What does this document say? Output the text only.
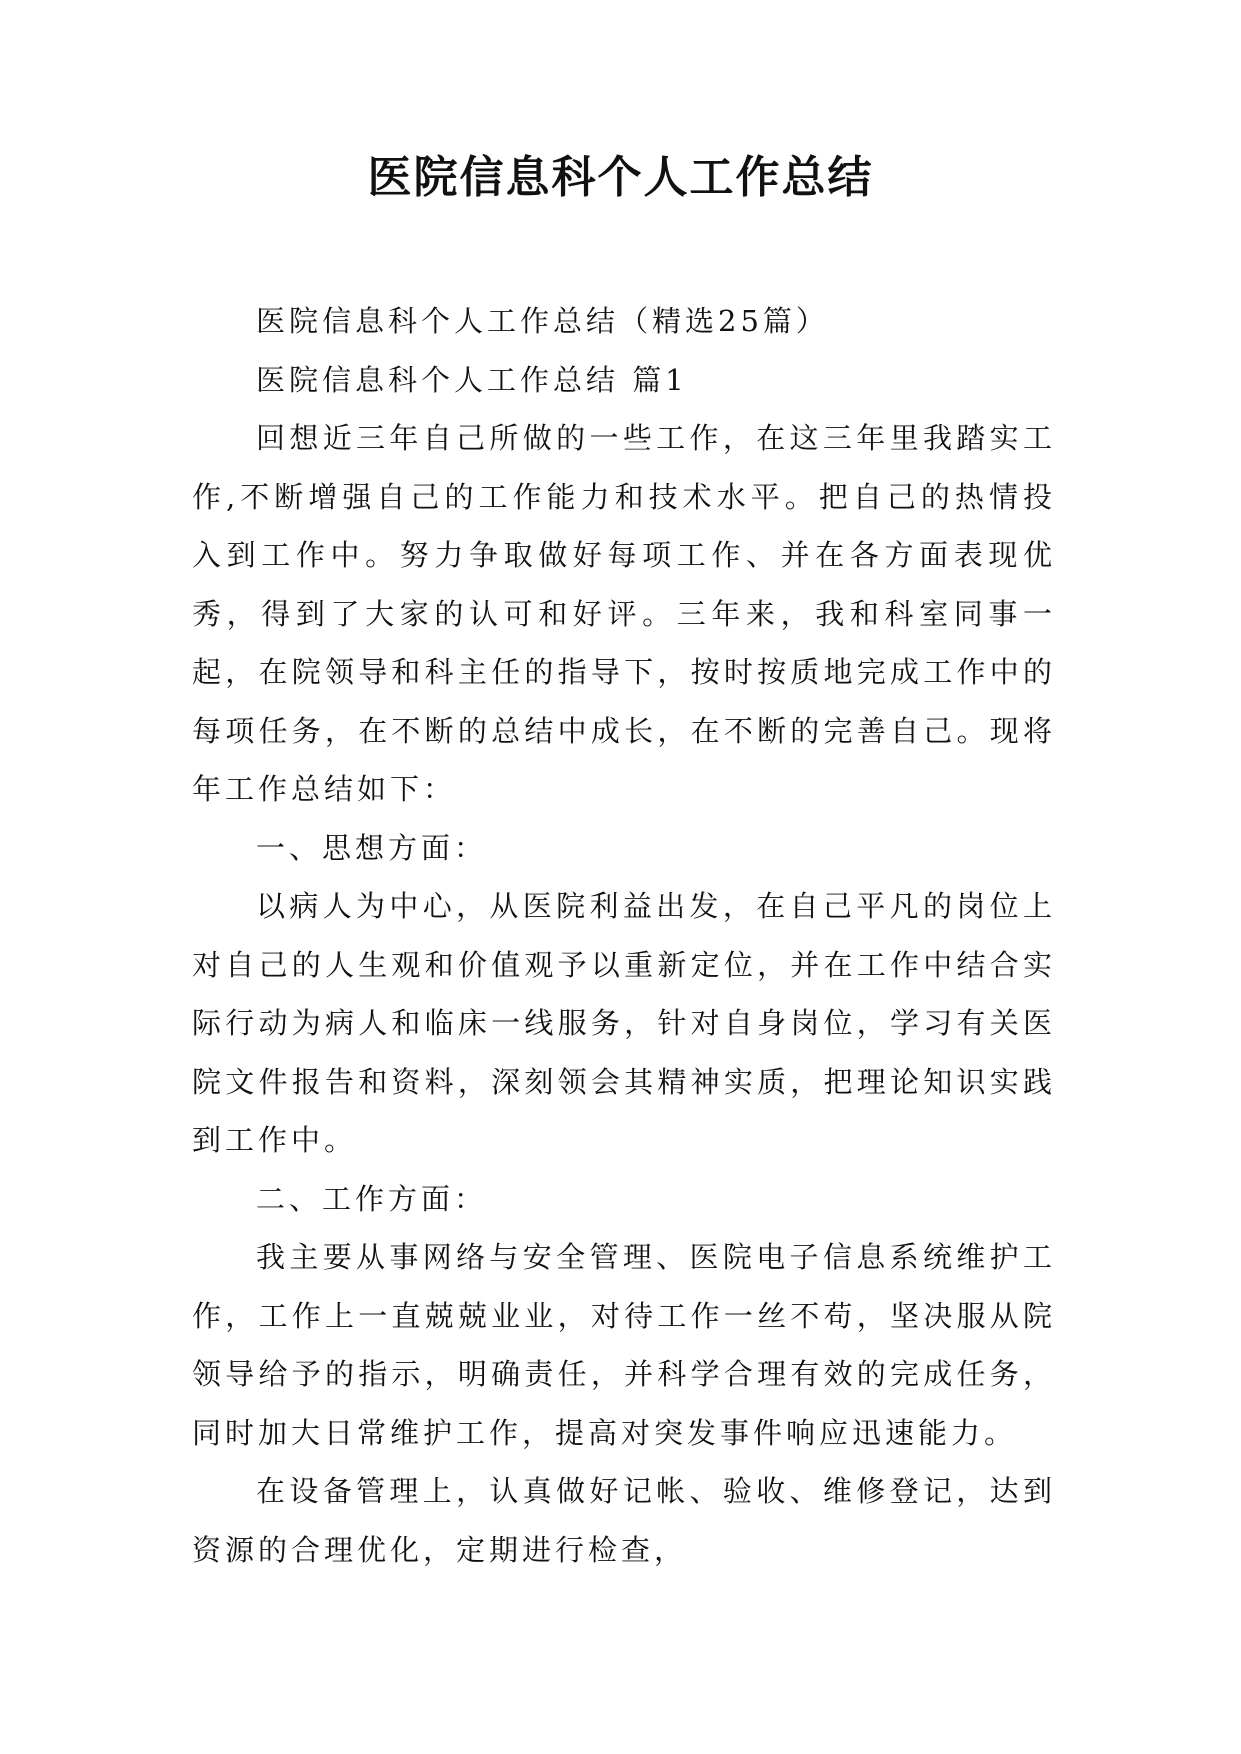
医院信息科个人工作总结

医院信息科个人工作总结（精选25篇）

医院信息科个人工作总结 篇1

回想近三年自己所做的一些工作，在这三年里我踏实工作,不断增强自己的工作能力和技术水平。把自己的热情投入到工作中。努力争取做好每项工作、并在各方面表现优秀，得到了大家的认可和好评。三年来，我和科室同事一起，在院领导和科主任的指导下，按时按质地完成工作中的每项任务，在不断的总结中成长，在不断的完善自己。现将年工作总结如下：

一、思想方面：

以病人为中心，从医院利益出发，在自己平凡的岗位上对自己的人生观和价值观予以重新定位，并在工作中结合实际行动为病人和临床一线服务，针对自身岗位，学习有关医院文件报告和资料，深刻领会其精神实质，把理论知识实践到工作中。

二、工作方面：

我主要从事网络与安全管理、医院电子信息系统维护工作，工作上一直兢兢业业，对待工作一丝不苟，坚决服从院领导给予的指示，明确责任，并科学合理有效的完成任务，同时加大日常维护工作，提高对突发事件响应迅速能力。

在设备管理上，认真做好记帐、验收、维修登记，达到资源的合理优化，定期进行检查，
